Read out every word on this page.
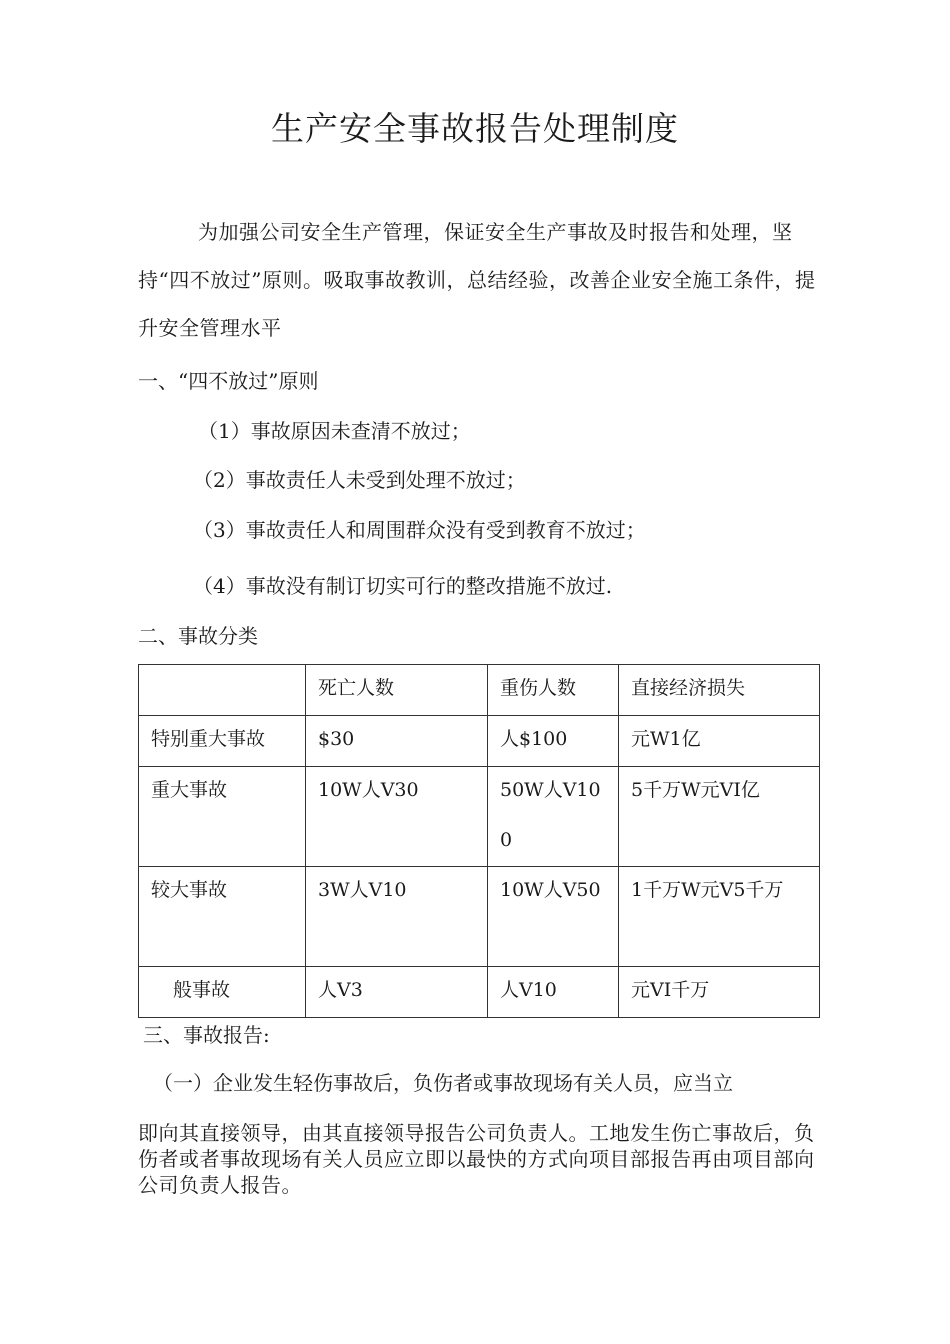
生产安全事故报告处理制度
为加强公司安全生产管理，保证安全生产事故及时报告和处理，坚持“四不放过”原则。吸取事故教训，总结经验，改善企业安全施工条件，提升安全管理水平
一、“四不放过”原则
（1）事故原因未查清不放过；
（2）事故责任人未受到处理不放过；
（3）事故责任人和周围群众没有受到教育不放过；
（4）事故没有制订切实可行的整改措施不放过.
二、事故分类

	死亡人数	重伤人数	直接经济损失

特别重大事故	$30	人$100	元W1亿

重大事故	10W人V30	50W人V100	5千万W元VI亿

较大事故	3W人V10	10W人V50	1千万W元V5千万

般事故	人V3	人V10	元VI千万
三、事故报告:
（一）企业发生轻伤事故后，负伤者或事故现场有关人员，应当立
即向其直接领导，由其直接领导报告公司负责人。工地发生伤亡事故后，负伤者或者事故现场有关人员应立即以最快的方式向项目部报告再由项目部向公司负责人报告。
